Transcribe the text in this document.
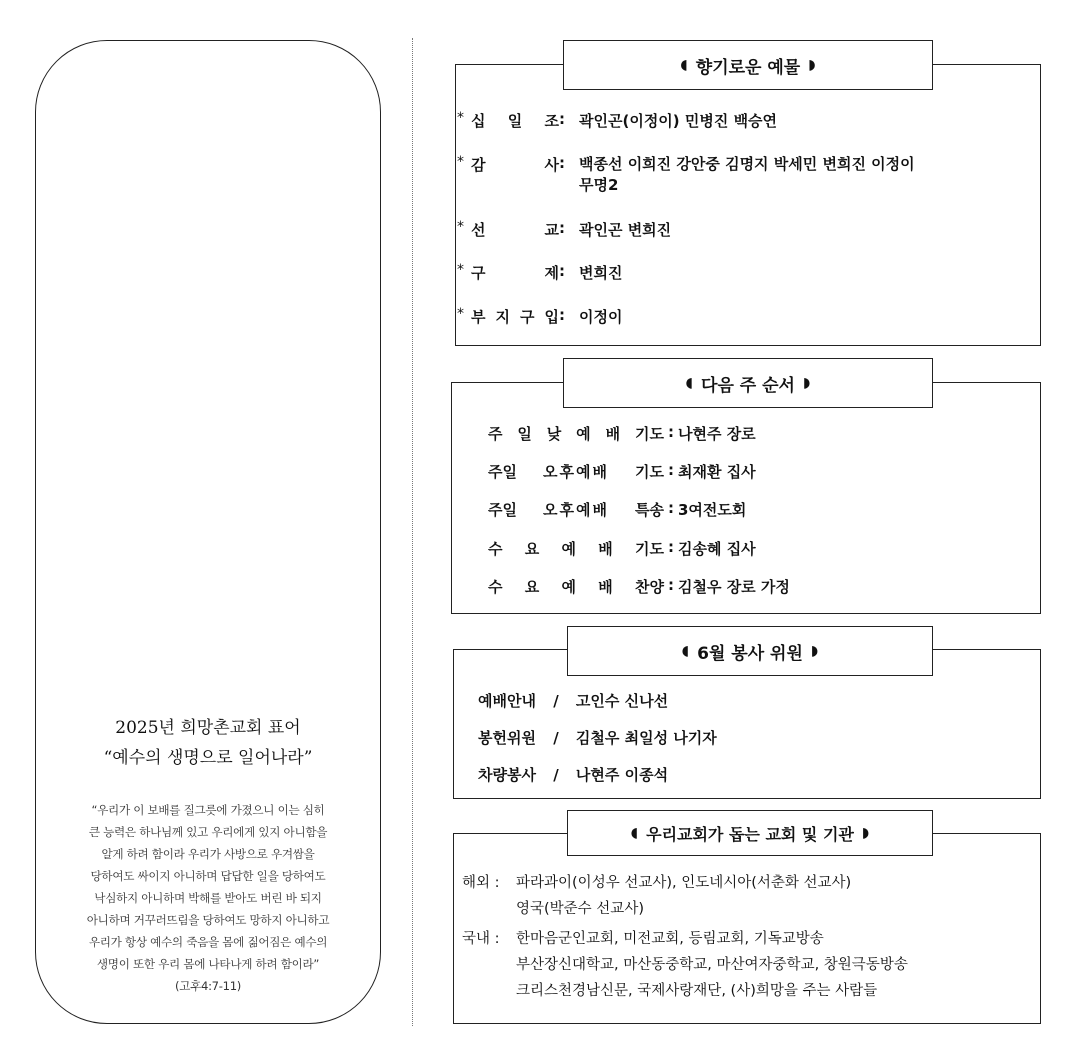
2025년 희망촌교회 표어
“예수의 생명으로 일어나라”
“우리가 이 보배를 질그릇에 가졌으니 이는 심히
큰 능력은 하나님께 있고 우리에게 있지 아니함을
알게 하려 함이라 우리가 사방으로 우겨쌈을
당하여도 싸이지 아니하며 답답한 일을 당하여도
낙심하지 아니하며 박해를 받아도 버린 바 되지
아니하며 거꾸러뜨림을 당하여도 망하지 아니하고
우리가 항상 예수의 죽음을 몸에 짊어짐은 예수의
생명이 또한 우리 몸에 나타나게 하려 함이라”
(고후4:7-11)
◖ 향기로운 예물 ◗
* 십 일 조 : 곽인곤(이정이) 민병진 백승연
* 감	사 : 백종선 이희진 강안중 김명지 박세민 변희진 이정이
무명2
* 선	교 : 곽인곤 변희진
* 구	제 : 변희진
* 부 지 구 입 : 이정이
◖ 다음 주 순서 ◗
주 일 낮 예 배 기도 : 나현주 장로
주일 오후예배 기도 : 최재환 집사
주일 오후예배 특송 : 3여전도회
수 요 예 배 기도 : 김송혜 집사
수 요 예 배 찬양 : 김철우 장로 가정
◖ 6월 봉사 위원 ◗
예배안내 / 고인수 신나선
봉헌위원 / 김철우 최일성 나기자
차량봉사 / 나현주 이종석
◖ 우리교회가 돕는 교회 및 기관 ◗
해외 :	파라과이(이성우 선교사), 인도네시아(서춘화 선교사)
영국(박준수 선교사)
국내 :	한마음군인교회, 미전교회, 등림교회, 기독교방송
부산장신대학교, 마산동중학교, 마산여자중학교, 창원극동방송
크리스천경남신문, 국제사랑재단, (사)희망을 주는 사람들
